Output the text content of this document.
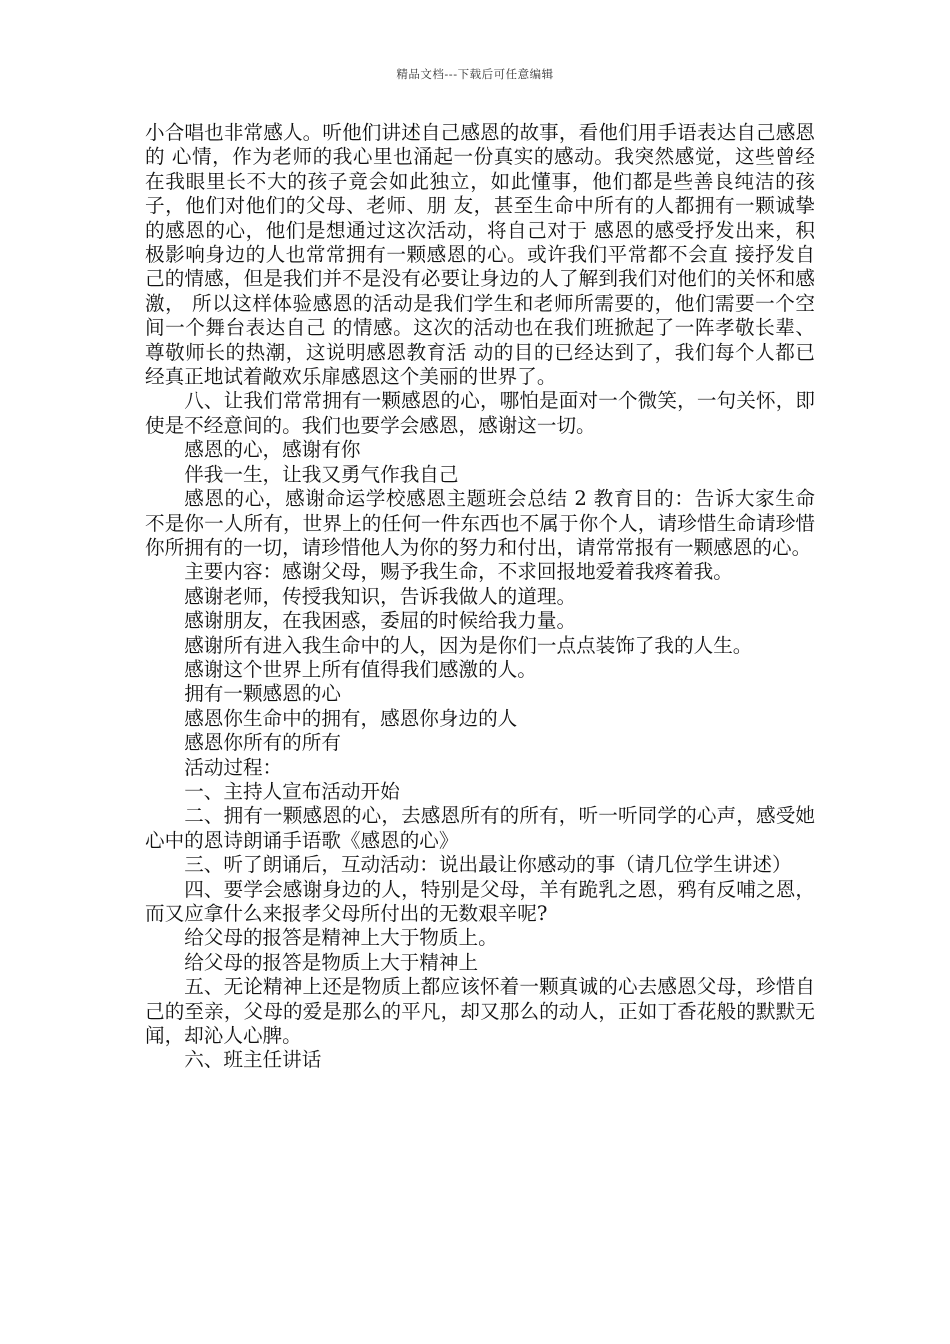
精品文档---下载后可任意编辑

小合唱也非常感人。听他们讲述自己感恩的故事，看他们用手语表达自己感恩的 心情，作为老师的我心里也涌起一份真实的感动。我突然感觉，这些曾经在我眼里长不大的孩子竟会如此独立，如此懂事，他们都是些善良纯洁的孩子，他们对他们的父母、老师、朋 友，甚至生命中所有的人都拥有一颗诚挚的感恩的心，他们是想通过这次活动，将自己对于 感恩的感受抒发出来，积极影响身边的人也常常拥有一颗感恩的心。或许我们平常都不会直 接抒发自己的情感，但是我们并不是没有必要让身边的人了解到我们对他们的关怀和感激， 所以这样体验感恩的活动是我们学生和老师所需要的，他们需要一个空间一个舞台表达自己 的情感。这次的活动也在我们班掀起了一阵孝敬长辈、尊敬师长的热潮，这说明感恩教育活 动的目的已经达到了，我们每个人都已经真正地试着敞欢乐扉感恩这个美丽的世界了。

八、让我们常常拥有一颗感恩的心，哪怕是面对一个微笑，一句关怀，即使是不经意间的。我们也要学会感恩，感谢这一切。

感恩的心，感谢有你

伴我一生，让我又勇气作我自己

感恩的心，感谢命运学校感恩主题班会总结 2 教育目的：告诉大家生命不是你一人所有，世界上的任何一件东西也不属于你个人，请珍惜生命请珍惜你所拥有的一切，请珍惜他人为你的努力和付出，请常常报有一颗感恩的心。

主要内容：感谢父母，赐予我生命，不求回报地爱着我疼着我。

感谢老师，传授我知识，告诉我做人的道理。

感谢朋友，在我困惑，委屈的时候给我力量。

感谢所有进入我生命中的人，因为是你们一点点装饰了我的人生。

感谢这个世界上所有值得我们感激的人。

拥有一颗感恩的心

感恩你生命中的拥有，感恩你身边的人

感恩你所有的所有

活动过程：

一、主持人宣布活动开始

二、拥有一颗感恩的心，去感恩所有的所有，听一听同学的心声，感受她心中的恩诗朗诵手语歌《感恩的心》

三、听了朗诵后，互动活动：说出最让你感动的事（请几位学生讲述）

四、要学会感谢身边的人，特别是父母，羊有跪乳之恩，鸦有反哺之恩，而又应拿什么来报孝父母所付出的无数艰辛呢?

给父母的报答是精神上大于物质上。

给父母的报答是物质上大于精神上

五、无论精神上还是物质上都应该怀着一颗真诚的心去感恩父母，珍惜自己的至亲，父母的爱是那么的平凡，却又那么的动人，正如丁香花般的默默无闻，却沁人心脾。

六、班主任讲话
